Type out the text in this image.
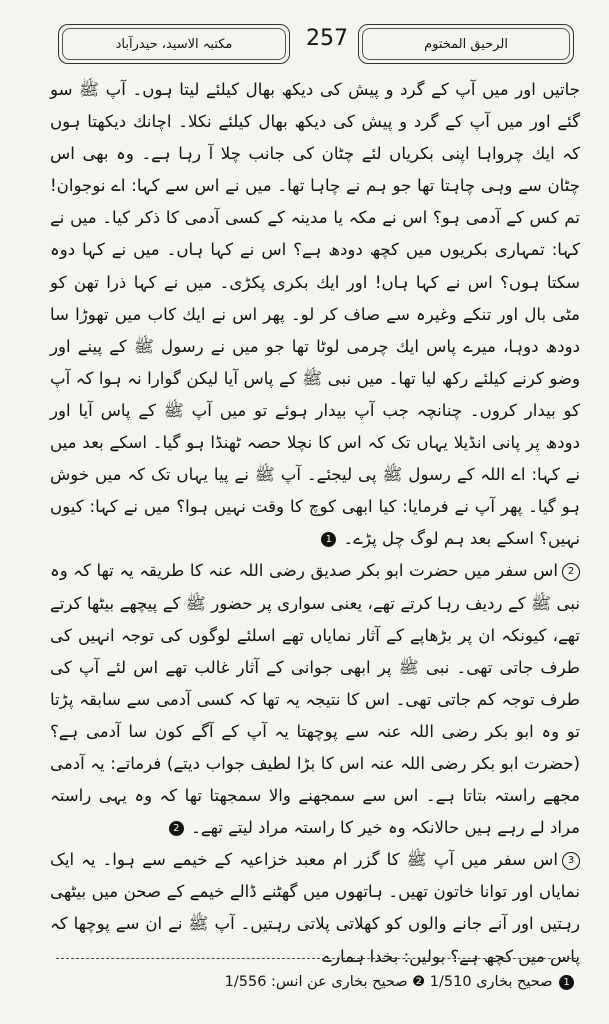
مكتبہ الاسيد، حيدرآباد	257	الرحيق المختوم

جاتيں اور ميں آپ كے گرد و پيش كی ديكھ بھال كيلئے ليتا ہوں۔ آپ ﷺ سو گئے اور ميں آپ كے گرد و پيش كی ديكھ بھال كيلئے نكلا۔ اچانك ديكھتا ہوں كہ ايك چرواہا اپنی بكرياں لئے چٹان كی جانب چلا آ رہا ہے۔ وہ بھی اس چٹان سے وہی چاہتا تھا جو ہم نے چاہا تھا۔ ميں نے اس سے كہا: اے نوجوان! تم كس كے آدمی ہو؟ اس نے مكہ يا مدينہ كے كسی آدمی كا ذكر كيا۔ ميں نے كہا: تمہاری بكريوں ميں كچھ دودھ ہے؟ اس نے كہا ہاں۔ ميں نے كہا دوہ سكتا ہوں؟ اس نے كہا ہاں! اور ايك بكری پكڑی۔ ميں نے كہا ذرا تھن كو مٹی بال اور تنكے وغيرہ سے صاف كر لو۔ پھر اس نے ايك كاب ميں تھوڑا سا دودھ دوہا، ميرے پاس ايك چرمی لوٹا تھا جو ميں نے رسول ﷺ كے پينے اور وضو كرنے كيلئے ركھ ليا تھا۔ ميں نبی ﷺ كے پاس آيا ليكن گوارا نہ ہوا كہ آپ كو بيدار كروں۔ چنانچہ جب آپ بيدار ہوئے تو ميں آپ ﷺ كے پاس آيا اور دودھ پر پانی انڈيلا يہاں تک كہ اس كا نچلا حصہ ٹھنڈا ہو گيا۔ اسكے بعد ميں نے كہا: اے اللہ كے رسول ﷺ پی ليجئے۔ آپ ﷺ نے پيا يہاں تک كہ ميں خوش ہو گيا۔ پھر آپ نے فرمايا: كيا ابھی كوچ كا وقت نہيں ہوا؟ ميں نے كہا: كيوں نہيں؟ اسكے بعد ہم لوگ چل پڑے۔ 1

2اس سفر ميں حضرت ابو بكر صديق رضی اللہ عنہ كا طريقہ يہ تھا كہ وہ نبی ﷺ كے رديف رہا كرتے تھے، يعنی سواری پر حضور ﷺ كے پيچھے بيٹھا كرتے تھے، كيونكہ ان پر بڑھاپے كے آثار نماياں تھے اسلئے لوگوں كی توجہ انہيں كی طرف جاتی تھی۔ نبی ﷺ پر ابھی جوانی كے آثار غالب تھے اس لئے آپ كی طرف توجہ كم جاتی تھی۔ اس كا نتيجہ يہ تھا كہ كسی آدمی سے سابقہ پڑتا تو وہ ابو بكر رضی اللہ عنہ سے پوچھتا يہ آپ كے آگے كون سا آدمی ہے؟ (حضرت ابو بكر رضی اللہ عنہ اس كا بڑا لطيف جواب ديتے) فرماتے: يہ آدمی مجھے راستہ بتاتا ہے۔ اس سے سمجھنے والا سمجھتا تھا كہ وہ يہی راستہ مراد لے رہے ہيں حالانكہ وہ خير كا راستہ مراد ليتے تھے۔ 2

3اس سفر ميں آپ ﷺ كا گزر ام معبد خزاعيہ كے خيمے سے ہوا۔ يہ ايک نماياں اور توانا خاتون تھيں۔ ہاتھوں ميں گھٹنے ڈالے خيمے كے صحن ميں بيٹھی رہتيں اور آنے جانے والوں كو كھلاتی پلاتی رہتيں۔ آپ ﷺ نے ان سے پوچھا كہ پاس ميں كچھ ہے؟ بوليں: بخدا ہمارے

1 صحيح بخاری 1/510 ❷ صحيح بخاری عن انس: 1/556
